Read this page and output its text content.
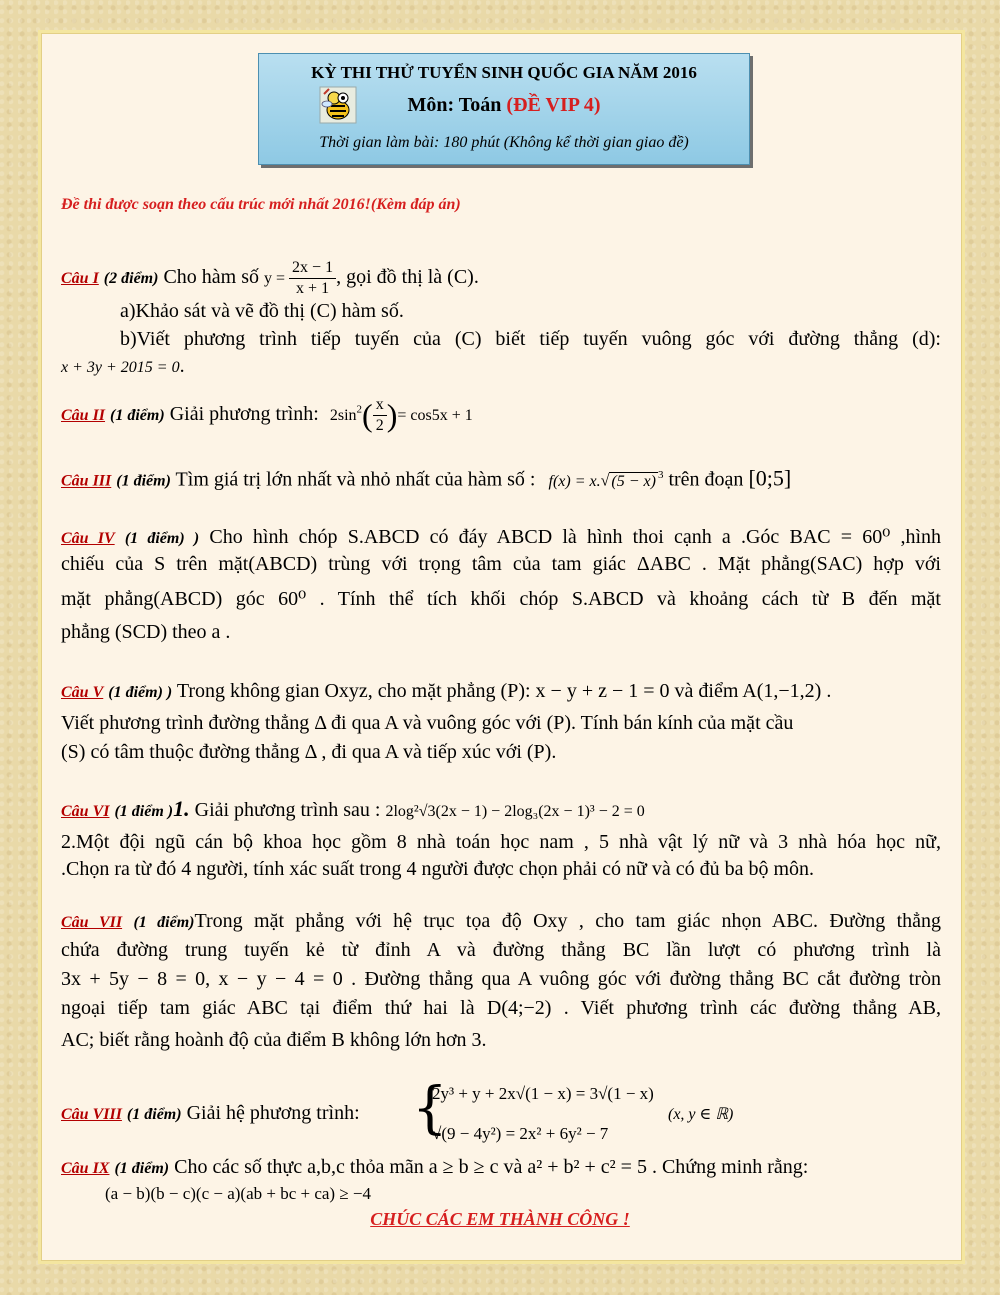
KỲ THI THỬ TUYỂN SINH QUỐC GIA NĂM 2016
Môn: Toán (ĐỀ VIP 4)
Thời gian làm bài: 180 phút (Không kể thời gian giao đề)
Đề thi được soạn theo cấu trúc mới nhất 2016!(Kèm đáp án)
Câu I (2 điểm) Cho hàm số $y = \frac{2x - 1}{x + 1}$ , gọi đồ thị là (C).
a)Khảo sát và vẽ đồ thị (C) hàm số.
b)Viết phương trình tiếp tuyến của (C) biết tiếp tuyến vuông góc với đường thẳng (d):
x + 3y + 2015 = 0.
Câu II (1 điểm) Giải phương trình: $2\sin^2( \frac{x}{2}$ )= cos5x + 1
Câu III (1 điểm) Tìm giá trị lớn nhất và nhỏ nhất của hàm số : f(x) = x.√ (5 − x) $^3$ trên đoạn [0;5]
Câu IV (1 điểm) ) Cho hình chóp S.ABCD có đáy ABCD là hình thoi cạnh a .Góc BAC = 60⁰ ,hình
chiếu của S trên mặt(ABCD) trùng với trọng tâm của tam giác ΔABC . Mặt phẳng(SAC) hợp với
mặt phẳng(ABCD) góc 60⁰ . Tính thể tích khối chóp S.ABCD và khoảng cách từ B đến mặt
phẳng (SCD) theo a .
Câu V (1 điểm) ) Trong không gian Oxyz, cho mặt phẳng (P): x − y + z − 1 = 0 và điểm A(1,−1,2) .
Viết phương trình đường thẳng Δ đi qua A và vuông góc với (P). Tính bán kính của mặt cầu
(S) có tâm thuộc đường thẳng Δ , đi qua A và tiếp xúc với (P).
Câu VI (1 điểm )1. Giải phương trình sau : 2log²√3(2x − 1) − 2log₃(2x − 1)³ − 2 = 0
2.Một đội ngũ cán bộ khoa học gồm 8 nhà toán học nam , 5 nhà vật lý nữ và 3 nhà hóa học nữ,
.Chọn ra từ đó 4 người, tính xác suất trong 4 người được chọn phải có nữ và có đủ ba bộ môn.
Câu VII (1 điểm)Trong mặt phẳng với hệ trục tọa độ Oxy , cho tam giác nhọn ABC. Đường thẳng
chứa đường trung tuyến kẻ từ đỉnh A và đường thẳng BC lần lượt có phương trình là
3x + 5y − 8 = 0, x − y − 4 = 0 . Đường thẳng qua A vuông góc với đường thẳng BC cắt đường tròn
ngoại tiếp tam giác ABC tại điểm thứ hai là D(4;−2) . Viết phương trình các đường thẳng AB,
AC; biết rằng hoành độ của điểm B không lớn hơn 3.
Câu VIII (1 điểm) Giải hệ phương trình: {
2y³ + y + 2x√(1 − x) = 3√(1 − x)
√(9 − 4y²) = 2x² + 6y² − 7
(x, y ∈ ℝ)
Câu IX (1 điểm) Cho các số thực a,b,c thỏa mãn a ≥ b ≥ c và a² + b² + c² = 5 . Chứng minh rằng:
(a − b)(b − c)(c − a)(ab + bc + ca) ≥ −4
CHÚC CÁC EM THÀNH CÔNG !
